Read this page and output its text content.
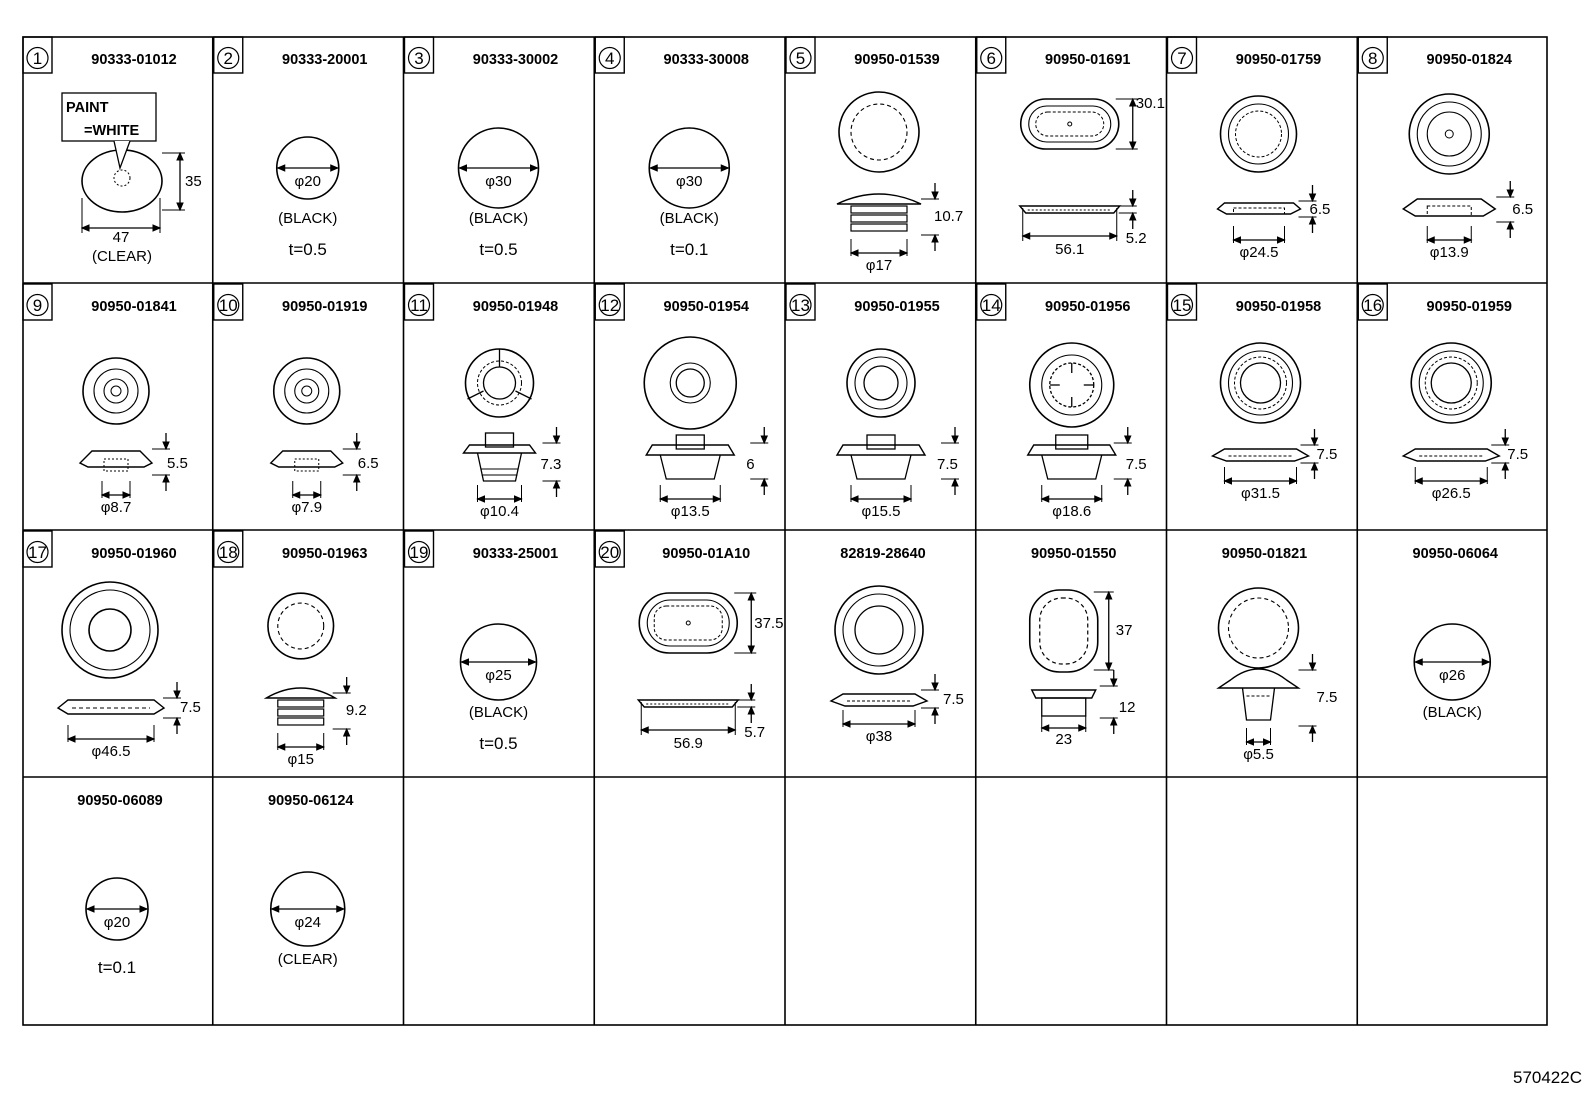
1	90333-01012
PAINT
=WHITE
35
47
(CLEAR)
2	90333-20001
φ20
(BLACK)
t=0.5
3	90333-30002
φ30
(BLACK)
t=0.5
4	90333-30008
φ30
(BLACK)
t=0.1
5	90950-01539
10.7
φ17
6	90950-01691
30.1
5.2
56.1
7	90950-01759
6.5
φ24.5
8	90950-01824
6.5
φ13.9
9	90950-01841
5.5
φ8.7
10	90950-01919
6.5
φ7.9
11	90950-01948
7.3
φ10.4
12	90950-01954
6
φ13.5
13	90950-01955
7.5
φ15.5
14	90950-01956
7.5
φ18.6
15	90950-01958
7.5
φ31.5
16	90950-01959
7.5
φ26.5
17	90950-01960
7.5
φ46.5
18	90950-01963
9.2
φ15
19	90333-25001
φ25
(BLACK)
t=0.5
20	90950-01A10
37.5
5.7
56.9
82819-28640
7.5
φ38
90950-01550
37
12
23
90950-01821
7.5
φ5.5
90950-06064
φ26
(BLACK)
90950-06089
φ20
t=0.1
90950-06124
φ24
(CLEAR)
570422C
